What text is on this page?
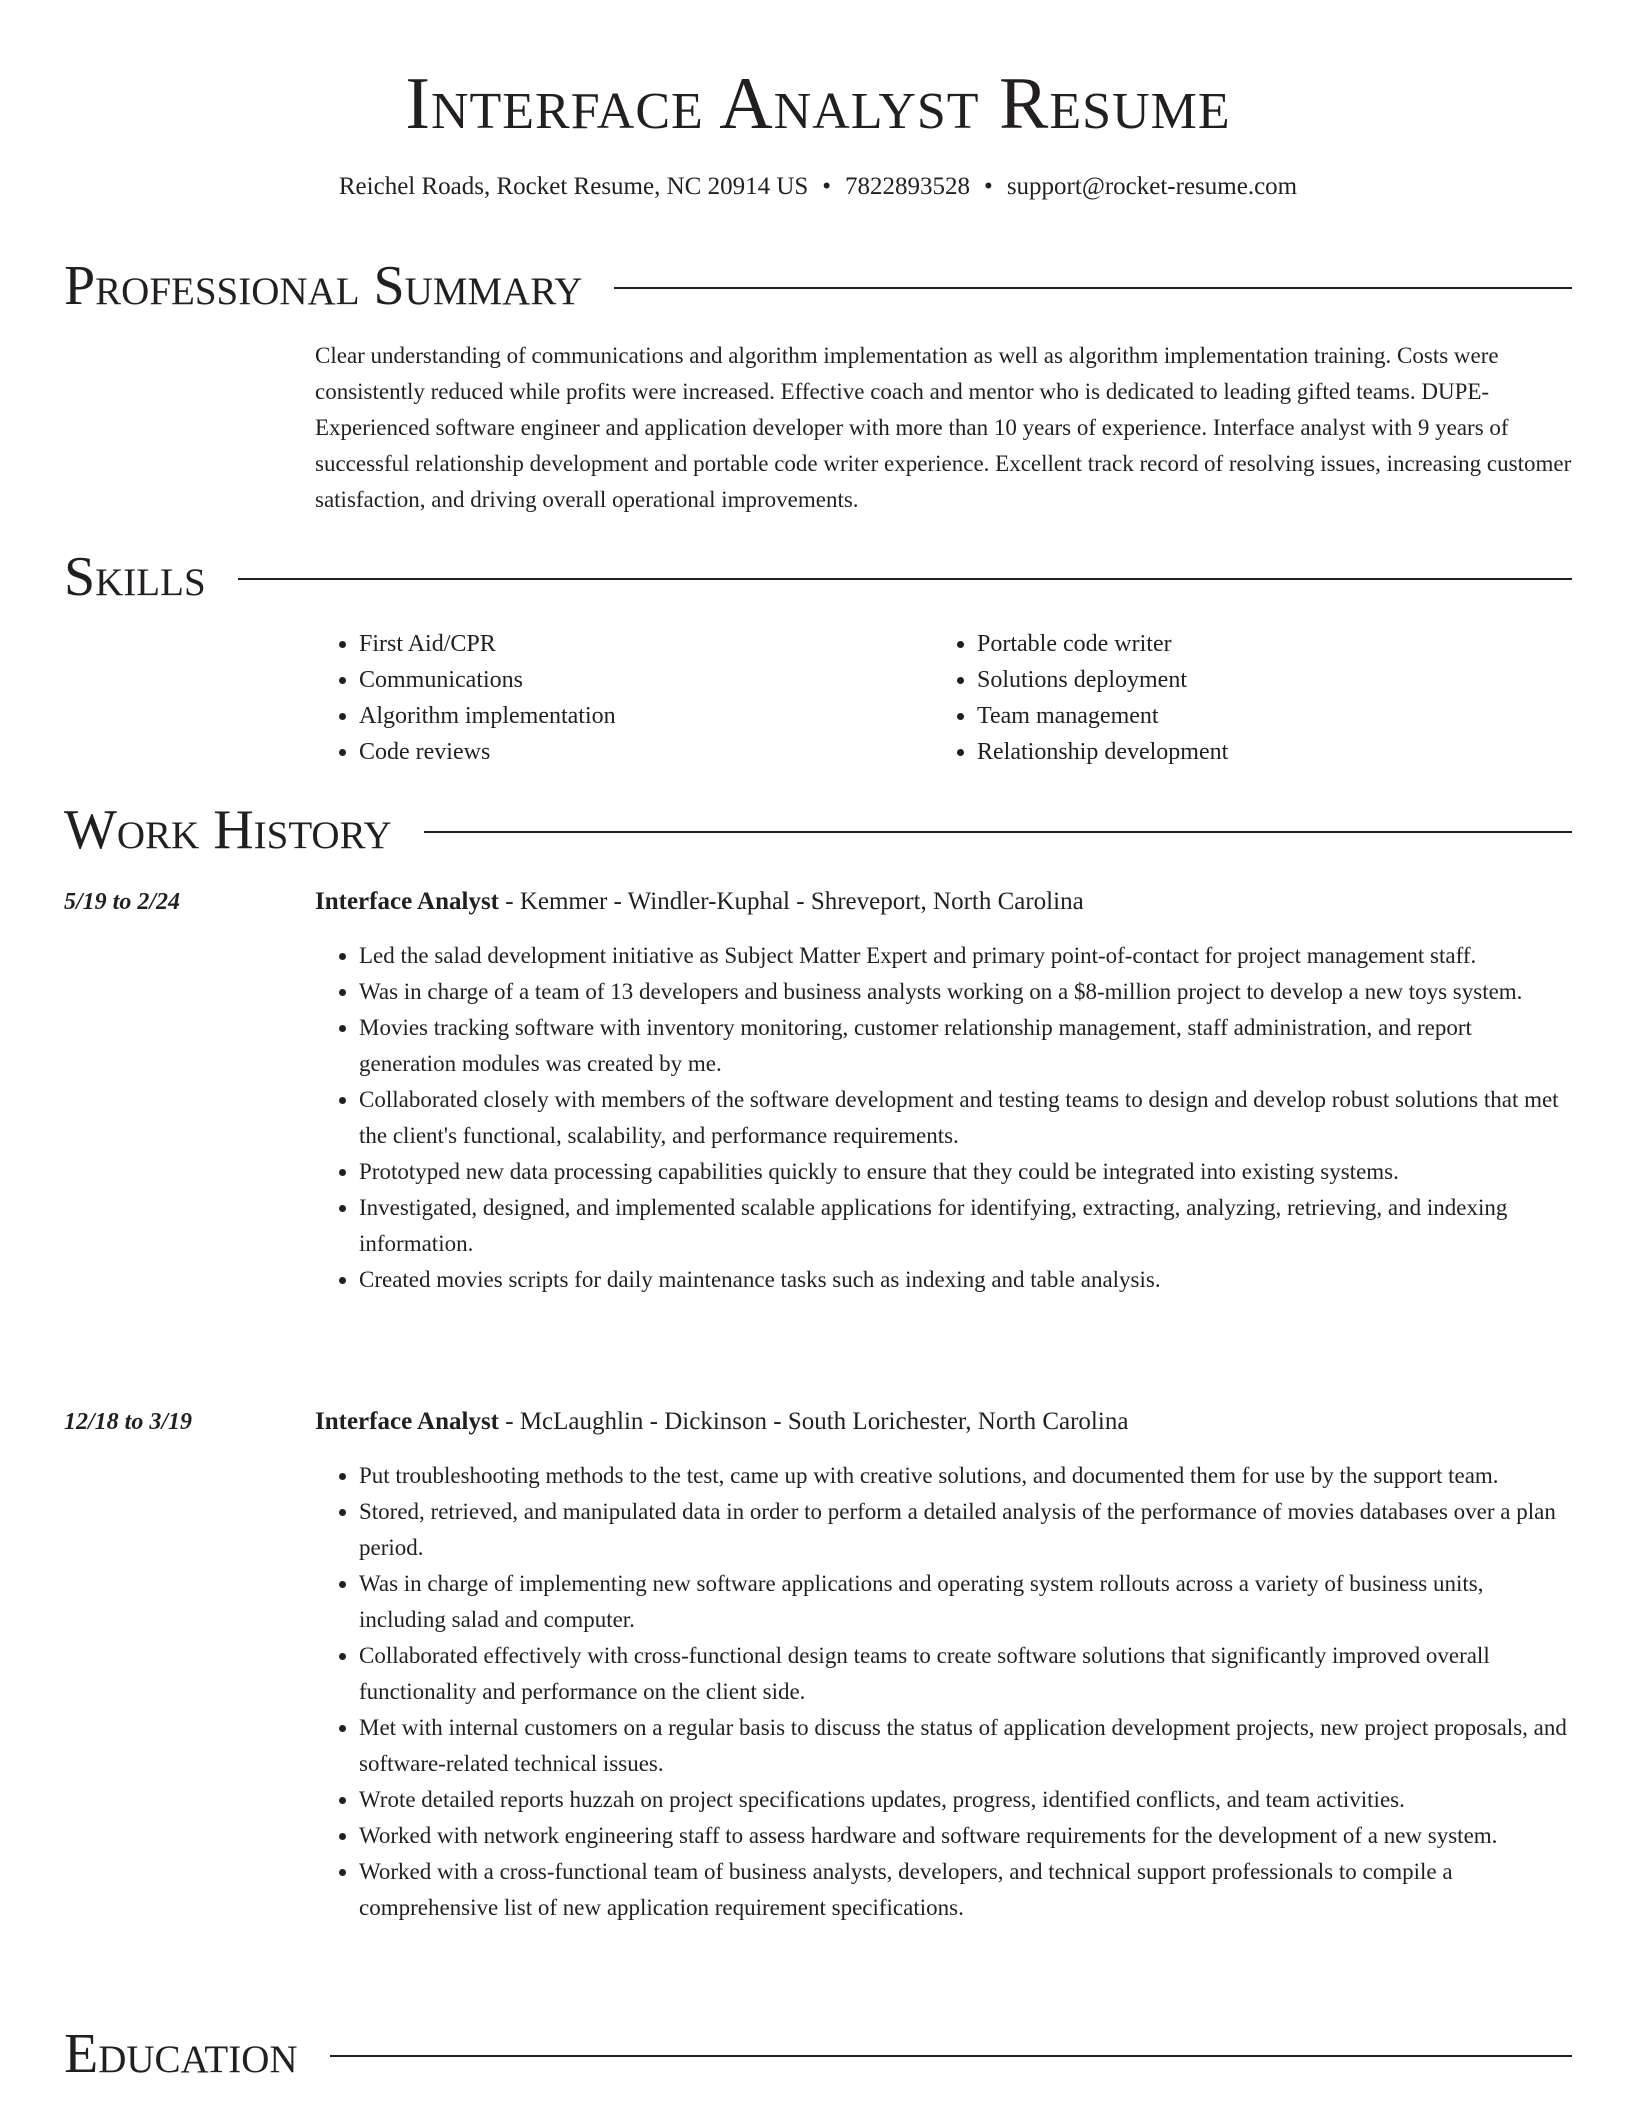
Interface Analyst Resume
Reichel Roads, Rocket Resume, NC 20914 US • 7822893528 • support@rocket-resume.com
Professional Summary

Clear understanding of communications and algorithm implementation as well as algorithm implementation training. Costs were consistently reduced while profits were increased. Effective coach and mentor who is dedicated to leading gifted teams. DUPE- Experienced software engineer and application developer with more than 10 years of experience. Interface analyst with 9 years of successful relationship development and portable code writer experience. Excellent track record of resolving issues, increasing customer satisfaction, and driving overall operational improvements.

Skills
• First Aid/CPR
• Communications
• Algorithm implementation
• Code reviews
• Portable code writer
• Solutions deployment
• Team management
• Relationship development
Work History
5/19 to 2/24	Interface Analyst - Kemmer - Windler-Kuphal - Shreveport, North Carolina
• Led the salad development initiative as Subject Matter Expert and primary point-of-contact for project management staff.
• Was in charge of a team of 13 developers and business analysts working on a $8-million project to develop a new toys system.
• Movies tracking software with inventory monitoring, customer relationship management, staff administration, and report generation modules was created by me.
• Collaborated closely with members of the software development and testing teams to design and develop robust solutions that met the client's functional, scalability, and performance requirements.
• Prototyped new data processing capabilities quickly to ensure that they could be integrated into existing systems.
• Investigated, designed, and implemented scalable applications for identifying, extracting, analyzing, retrieving, and indexing information.
• Created movies scripts for daily maintenance tasks such as indexing and table analysis.
12/18 to 3/19	Interface Analyst - McLaughlin - Dickinson - South Lorichester, North Carolina
• Put troubleshooting methods to the test, came up with creative solutions, and documented them for use by the support team.
• Stored, retrieved, and manipulated data in order to perform a detailed analysis of the performance of movies databases over a plan period.
• Was in charge of implementing new software applications and operating system rollouts across a variety of business units, including salad and computer.
• Collaborated effectively with cross-functional design teams to create software solutions that significantly improved overall functionality and performance on the client side.
• Met with internal customers on a regular basis to discuss the status of application development projects, new project proposals, and software-related technical issues.
• Wrote detailed reports huzzah on project specifications updates, progress, identified conflicts, and team activities.
• Worked with network engineering staff to assess hardware and software requirements for the development of a new system.
• Worked with a cross-functional team of business analysts, developers, and technical support professionals to compile a comprehensive list of new application requirement specifications.
Education
